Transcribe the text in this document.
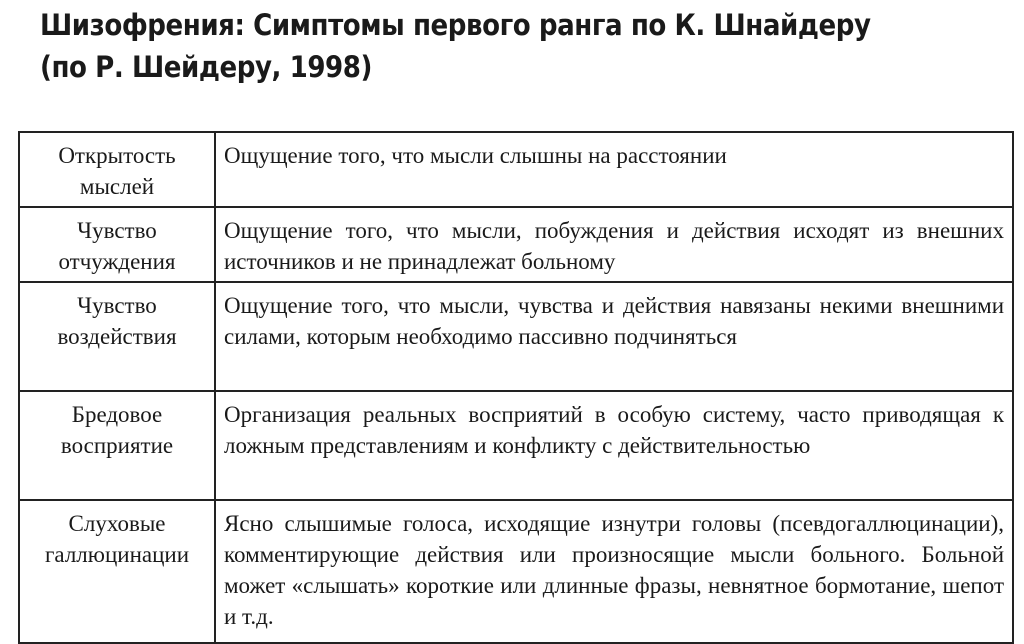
Шизофрения: Симптомы первого ранга по К. Шнайдеру
(по Р. Шейдеру, 1998)
Открытость мыслей	Ощущение того, что мысли слышны на расстоянии
Чувство отчуждения	Ощущение того, что мысли, побуждения и действия исходят из внешних источников и не принадлежат больному
Чувство воздействия	Ощущение того, что мысли, чувства и действия навязаны некими внешними силами, которым необходимо пассивно подчиняться
Бредовое восприятие	Организация реальных восприятий в особую систему, часто приводящая к ложным представлениям и конфликту с действительностью
Слуховые галлюцинации	Ясно слышимые голоса, исходящие изнутри головы (псевдогаллюцинации), комментирующие действия или произносящие мысли больного. Больной может «слышать» короткие или длинные фразы, невнятное бормотание, шепот и т.д.
